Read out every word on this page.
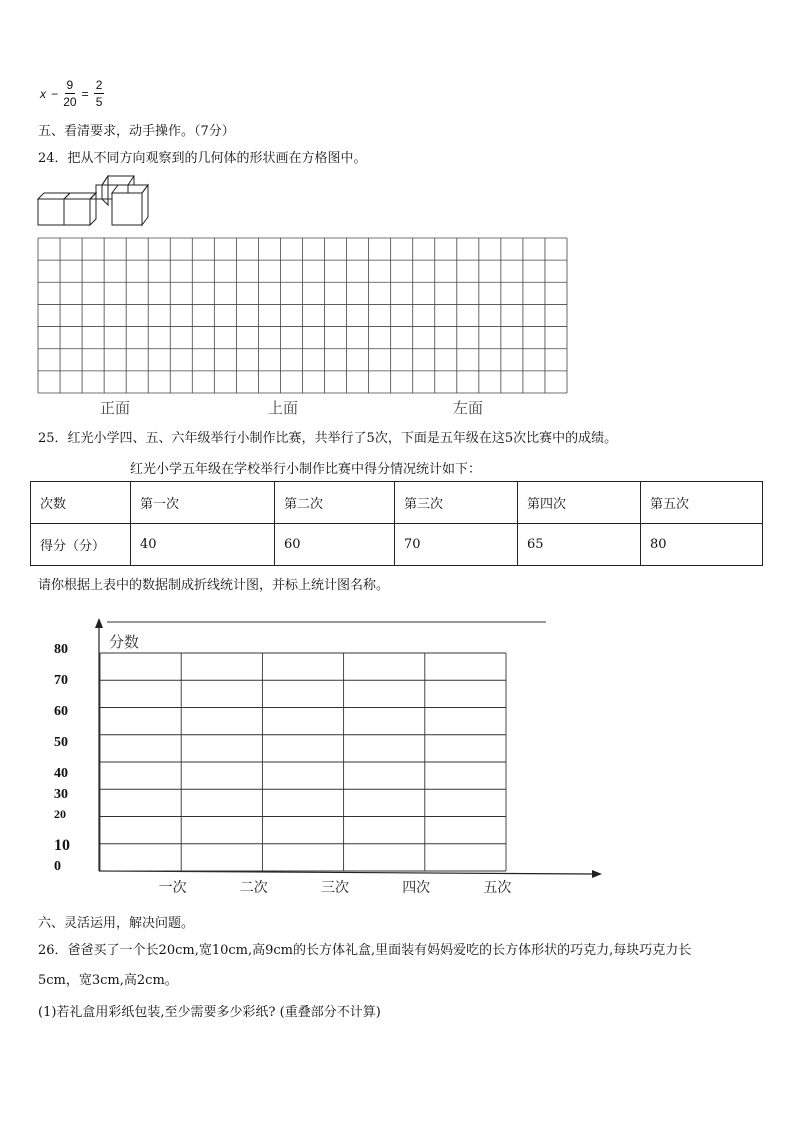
$x - \frac{9}{20} = \frac{2}{5}$
五、看清要求，动手操作。（7分）
24．把从不同方向观察到的几何体的形状画在方格图中。
正面	上面	左面
25．红光小学四、五、六年级举行小制作比赛，共举行了5次，下面是五年级在这5次比赛中的成绩。
红光小学五年级在学校举行小制作比赛中得分情况统计如下：
次数	第一次	第二次	第三次	第四次	第五次
得分（分）	40	60	70	65	80
请你根据上表中的数据制成折线统计图，并标上统计图名称。
分数
80
70
60
50
40
30
20
10
0
一次	二次	三次	四次	五次
六、灵活运用，解决问题。
26．爸爸买了一个长20cm,宽10cm,高9cm的长方体礼盒,里面装有妈妈爱吃的长方体形状的巧克力,每块巧克力长
5cm，宽3cm,高2cm。
(1)若礼盒用彩纸包装,至少需要多少彩纸? (重叠部分不计算)
